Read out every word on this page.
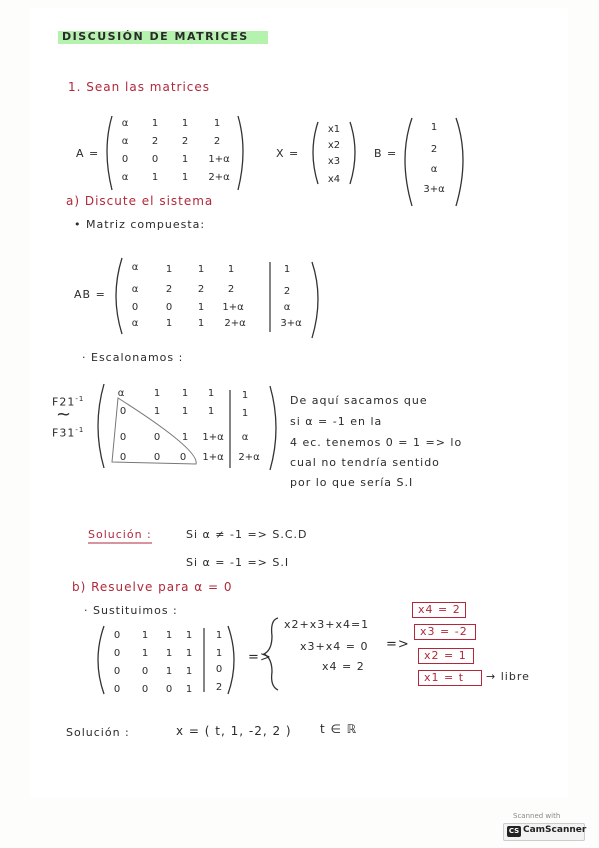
DISCUSIÓN DE MATRICES
1. Sean las matrices
A =
α	1	1	1
α	2	2	2
0	0	1	1+α
α	1	1	2+α
X =
x1
x2
x3
x4
B =
1
2
α
3+α
a) Discute el sistema
• Matriz compuesta:
AB =
α	1	1	1	1
α	2	2	2	2
0	0	1	1+α	α
α	1	1	2+α	3+α
· Escalonamos :
$F21^{-1}$
~
$F31^{-1}$
α	1	1	1	1
0	1	1	1	1
0	0	1	1+α	α
0	0	0	1+α 2+α
De aquí sacamos que
si α = -1 en la
4 ec. tenemos 0 = 1 => lo
cual no tendría sentido
por lo que sería S.I
Solución :	Si α ≠ -1 => S.C.D
Si α = -1 => S.I
b) Resuelve para α = 0
· Sustituimos :
0	1	1	1	1
0	1	1	1	1
0	0	1	1	0
0	0	0	1	2
=>
x2+x3+x4=1
x3+x4 = 0
x4 = 2
=>
x4 = 2
x3 = -2
x2 = 1
x1 = t → libre
Solución :	x = ( t, 1, -2, 2 ) t ∈ ℝ
Scanned with
CS CamScanner
